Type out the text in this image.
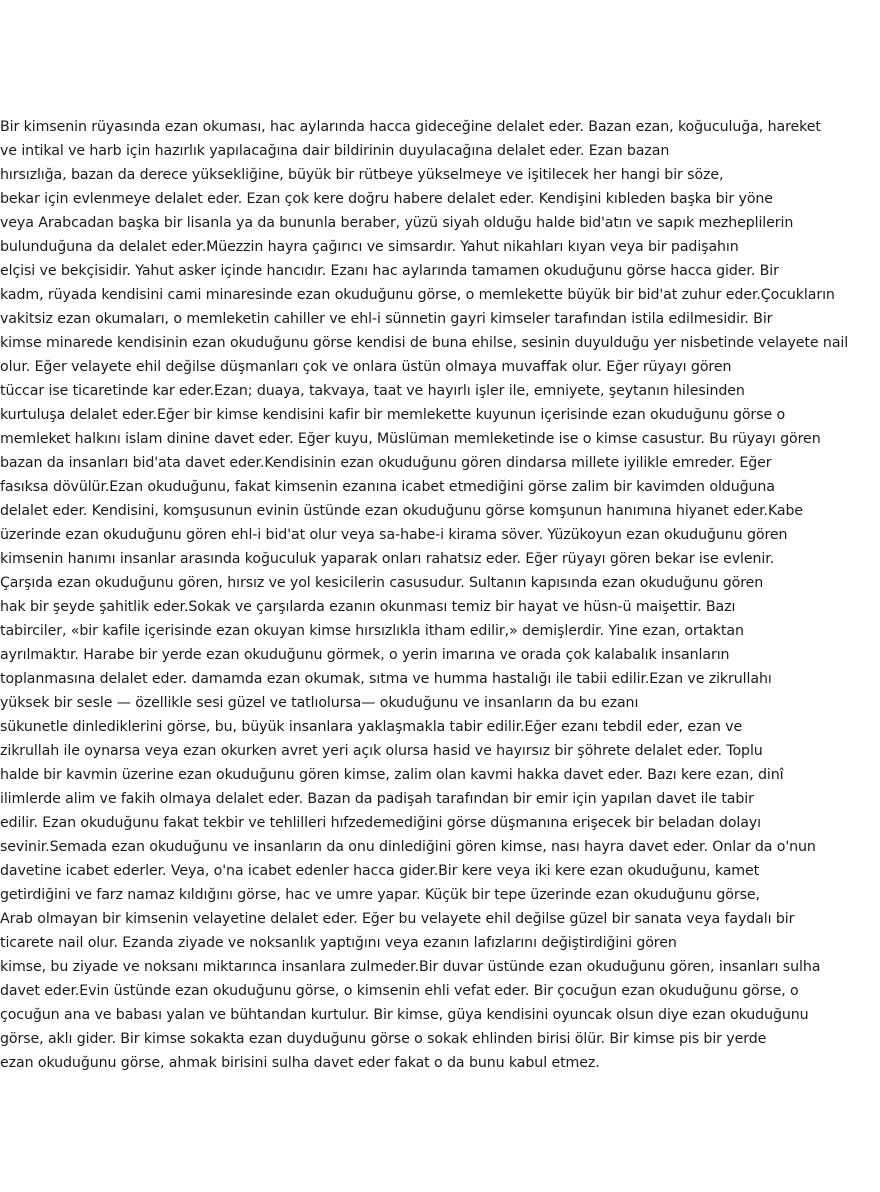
Bir kimsenin rüyasında ezan okuması, hac aylarında hacca gideceğine delalet eder. Bazan ezan, koğuculuğa, hareket
ve intikal ve harb için hazırlık yapılacağına dair bildirinin duyulacağına delalet eder. Ezan bazan
hırsızlığa, bazan da derece yüksekliğine, büyük bir rütbeye yükselmeye ve işitilecek her hangi bir söze,
bekar için evlenmeye delalet eder. Ezan çok kere doğru habere delalet eder. Kendişini kıbleden başka bir yöne
veya Arabcadan başka bir lisanla ya da bununla beraber, yüzü siyah olduğu halde bid'atın ve sapık mezheplilerin
bulunduğuna da delalet eder.Müezzin hayra çağırıcı ve simsardır. Yahut nikahları kıyan veya bir padişahın
elçisi ve bekçisidir. Yahut asker içinde hancıdır. Ezanı hac aylarında tamamen okuduğunu görse hacca gider. Bir
kadm, rüyada kendisini cami minaresinde ezan okuduğunu görse, o memlekette büyük bir bid'at zuhur eder.Çocukların
vakitsiz ezan okumaları, o memleketin cahiller ve ehl-i sünnetin gayri kimseler tarafından istila edilmesidir. Bir
kimse minarede kendisinin ezan okuduğunu görse kendisi de buna ehilse, sesinin duyulduğu yer nisbetinde velayete nail
olur. Eğer velayete ehil değilse düşmanları çok ve onlara üstün olmaya muvaffak olur. Eğer rüyayı gören
tüccar ise ticaretinde kar eder.Ezan; duaya, takvaya, taat ve hayırlı işler ile, emniyete, şeytanın hilesinden
kurtuluşa delalet eder.Eğer bir kimse kendisini kafir bir memlekette kuyunun içerisinde ezan okuduğunu görse o
memleket halkını islam dinine davet eder. Eğer kuyu, Müslüman memleketinde ise o kimse casustur. Bu rüyayı gören
bazan da insanları bid'ata davet eder.Kendisinin ezan okuduğunu gören dindarsa millete iyilikle emreder. Eğer
fasıksa dövülür.Ezan okuduğunu, fakat kimsenin ezanına icabet etmediğini görse zalim bir kavimden olduğuna
delalet eder. Kendisini, komşusunun evinin üstünde ezan okuduğunu görse komşunun hanımına hiyanet eder.Kabe
üzerinde ezan okuduğunu gören ehl-i bid'at olur veya sa-habe-i kirama söver. Yüzükoyun ezan okuduğunu gören
kimsenin hanımı insanlar arasında koğuculuk yaparak onları rahatsız eder. Eğer rüyayı gören bekar ise evlenir.
Çarşıda ezan okuduğunu gören, hırsız ve yol kesicilerin casusudur. Sultanın kapısında ezan okuduğunu gören
hak bir şeyde şahitlik eder.Sokak ve çarşılarda ezanın okunması temiz bir hayat ve hüsn-ü maişettir. Bazı
tabirciler, «bir kafile içerisinde ezan okuyan kimse hırsızlıkla itham edilir,» demişlerdir. Yine ezan, ortaktan
ayrılmaktır. Harabe bir yerde ezan okuduğunu görmek, o yerin imarına ve orada çok kalabalık insanların
toplanmasına delalet eder. damamda ezan okumak, sıtma ve humma hastalığı ile tabii edilir.Ezan ve zikrullahı
yüksek bir sesle — özellikle sesi güzel ve tatlıolursa— okuduğunu ve insanların da bu ezanı
sükunetle dinlediklerini görse, bu, büyük insanlara yaklaşmakla tabir edilir.Eğer ezanı tebdil eder, ezan ve
zikrullah ile oynarsa veya ezan okurken avret yeri açık olursa hasid ve hayırsız bir şöhrete delalet eder. Toplu
halde bir kavmin üzerine ezan okuduğunu gören kimse, zalim olan kavmi hakka davet eder. Bazı kere ezan, dinî
ilimlerde alim ve fakih olmaya delalet eder. Bazan da padişah tarafından bir emir için yapılan davet ile tabir
edilir. Ezan okuduğunu fakat tekbir ve tehlilleri hıfzedemediğini görse düşmanına erişecek bir beladan dolayı
sevinir.Semada ezan okuduğunu ve insanların da onu dinlediğini gören kimse, nası hayra davet eder. Onlar da o'nun
davetine icabet ederler. Veya, o'na icabet edenler hacca gider.Bir kere veya iki kere ezan okuduğunu, kamet
getirdiğini ve farz namaz kıldığını görse, hac ve umre yapar. Küçük bir tepe üzerinde ezan okuduğunu görse,
Arab olmayan bir kimsenin velayetine delalet eder. Eğer bu velayete ehil değilse güzel bir sanata veya faydalı bir
ticarete nail olur. Ezanda ziyade ve noksanlık yaptığını veya ezanın lafızlarını değiştirdiğini gören
kimse, bu ziyade ve noksanı miktarınca insanlara zulmeder.Bir duvar üstünde ezan okuduğunu gören, insanları sulha
davet eder.Evin üstünde ezan okuduğunu görse, o kimsenin ehli vefat eder. Bir çocuğun ezan okuduğunu görse, o
çocuğun ana ve babası yalan ve bühtandan kurtulur. Bir kimse, güya kendisini oyuncak olsun diye ezan okuduğunu
görse, aklı gider. Bir kimse sokakta ezan duyduğunu görse o sokak ehlinden birisi ölür. Bir kimse pis bir yerde
ezan okuduğunu görse, ahmak birisini sulha davet eder fakat o da bunu kabul etmez.
